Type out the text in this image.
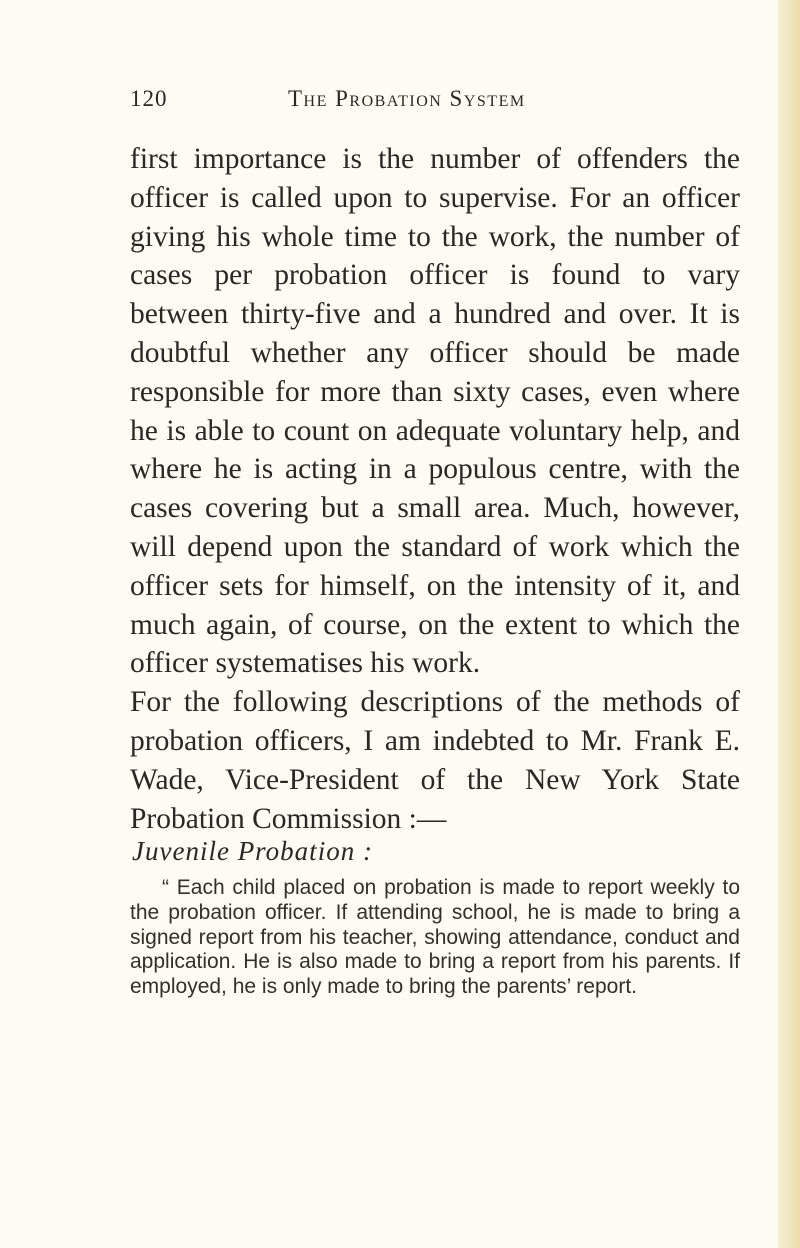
120	The Probation System

first importance is the number of offenders the officer is called upon to supervise. For an officer giving his whole time to the work, the number of cases per probation officer is found to vary between thirty-five and a hundred and over. It is doubtful whether any officer should be made responsible for more than sixty cases, even where he is able to count on adequate voluntary help, and where he is acting in a populous centre, with the cases covering but a small area. Much, however, will depend upon the standard of work which the officer sets for himself, on the intensity of it, and much again, of course, on the extent to which the officer systematises his work.

For the following descriptions of the methods of probation officers, I am indebted to Mr. Frank E. Wade, Vice-President of the New York State Probation Commission :—

Juvenile Probation :

“ Each child placed on probation is made to report weekly to the probation officer. If attending school, he is made to bring a signed report from his teacher, showing attendance, conduct and application. He is also made to bring a report from his parents. If employed, he is only made to bring the parents’ report.
